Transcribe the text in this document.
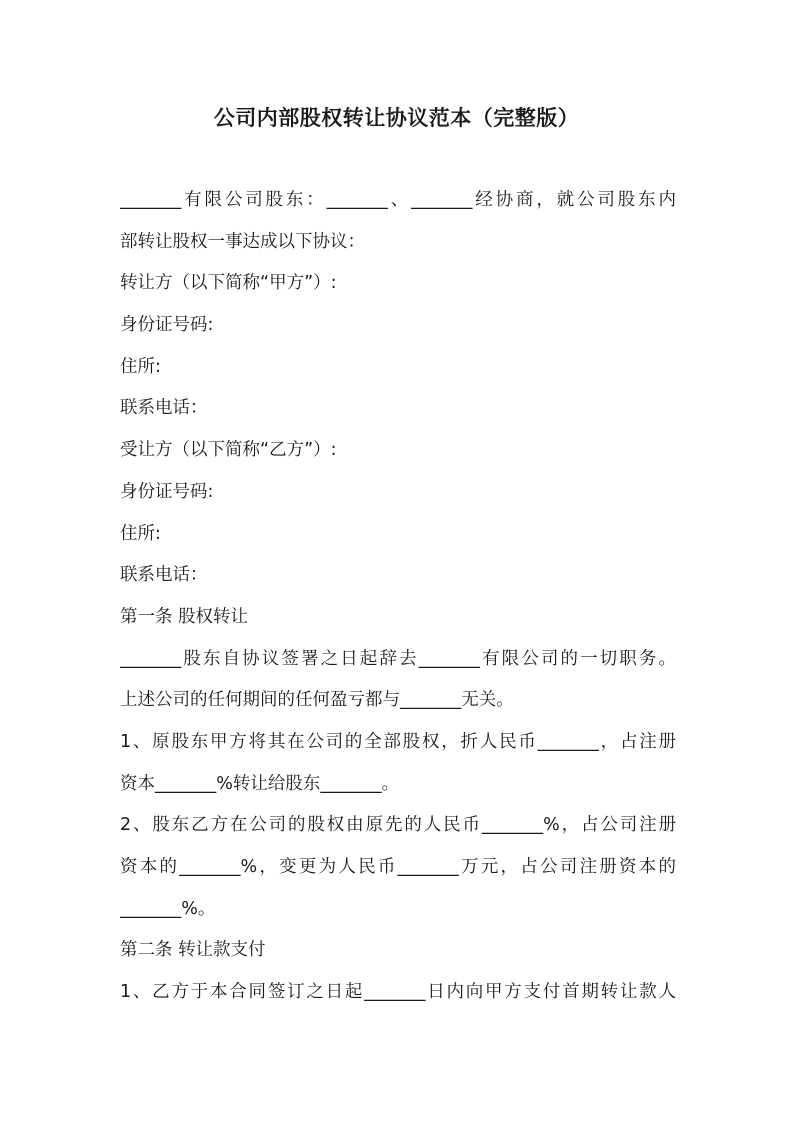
公司内部股权转让协议范本（完整版）
_______有限公司股东：_______、_______经协商，就公司股东内
部转让股权一事达成以下协议：
转让方（以下简称“甲方”）:
身份证号码:
住所:
联系电话：
受让方（以下简称“乙方”）:
身份证号码:
住所:
联系电话：
第一条 股权转让
_______股东自协议签署之日起辞去_______有限公司的一切职务。
上述公司的任何期间的任何盈亏都与_______无关。
1、原股东甲方将其在公司的全部股权，折人民币_______，占注册
资本_______%转让给股东_______。
2、股东乙方在公司的股权由原先的人民币_______%，占公司注册
资本的_______%，变更为人民币_______万元，占公司注册资本的
_______%。
第二条 转让款支付
1、乙方于本合同签订之日起_______日内向甲方支付首期转让款人
